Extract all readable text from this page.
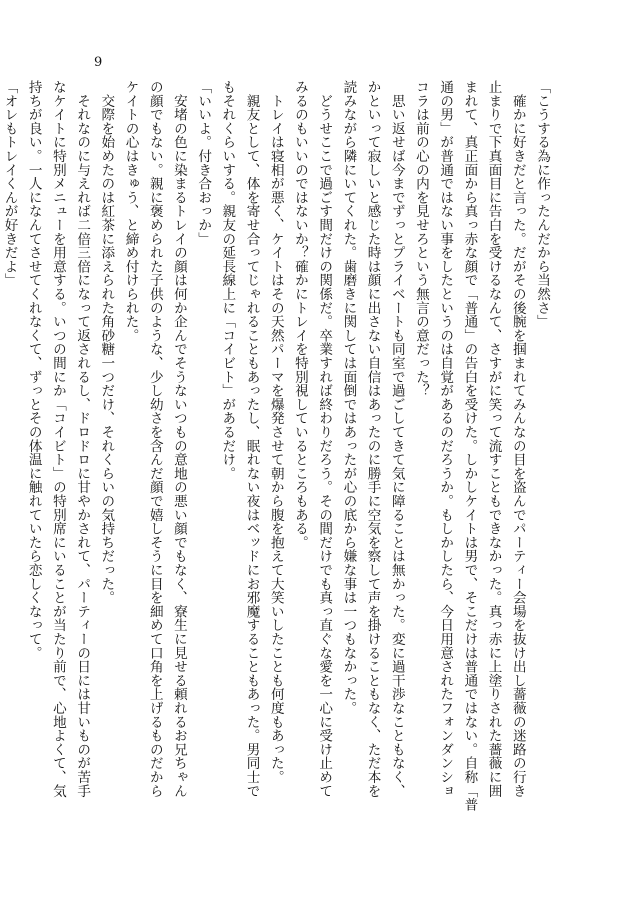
9

「こうする為に作ったんだから当然さ」

　確かに好きだと言った。だがその後腕を掴まれてみんなの目を盗んでパーティー会場を抜け出し薔薇の迷路の行き

止まりで下真面目に告白を受けるなんて、さすがに笑って流すこともできなかった。真っ赤に上塗りされた薔薇に囲

まれて、真正面から真っ赤な顔で「普通」の告白を受けた。しかしケイトは男で、そこだけは普通ではない。自称「普

通の男」が普通ではない事をしたというのは自覚があるのだろうか。もしかしたら、今日用意されたフォンダンショ

コラは前の心の内を見せろという無言の意だった？

　思い返せば今までずっとプライベートも同室で過ごしてきて気に障ることは無かった。変に過干渉なこともなく、

かといって寂しいと感じた時は顔に出さない自信はあったのに勝手に空気を察して声を掛けることもなく、ただ本を

読みながら隣にいてくれた。歯磨きに関しては面倒ではあったが心の底から嫌な事は一つもなかった。

　どうせここで過ごす間だけの関係だ。卒業すれば終わりだろう。その間だけでも真っ直ぐな愛を一心に受け止めて

みるのもいいのではないか？確かにトレイを特別視しているところもある。

　トレイは寝相が悪く、ケイトはその天然パーマを爆発させて朝から腹を抱えて大笑いしたことも何度もあった。

　親友として、体を寄せ合ってじゃれることもあったし、眠れない夜はベッドにお邪魔することもあった。男同士で

もそれくらいする。親友の延長線上に「コイビト」があるだけ。

「いいよ。付き合おっか」

　安堵の色に染まるトレイの顔は何か企んでそうないつもの意地の悪い顔でもなく、寮生に見せる頼れるお兄ちゃん

の顔でもない。親に褒められた子供のような、少し幼さを含んだ顔で嬉しそうに目を細めて口角を上げるものだから

ケイトの心はきゅう、と締め付けられた。

　交際を始めたのは紅茶に添えられた角砂糖一つだけ、それくらいの気持ちだった。

　それなのに与えれば二倍三倍になって返されるし、ドロドロに甘やかされて、パーティーの日には甘いものが苦手

なケイトに特別メニューを用意する。いつの間にか「コイビト」の特別席にいることが当たり前で、心地よくて、気

持ちが良い。一人になんてさせてくれなくて、ずっとその体温に触れていたら恋しくなって。

「オレもトレイくんが好きだよ」
